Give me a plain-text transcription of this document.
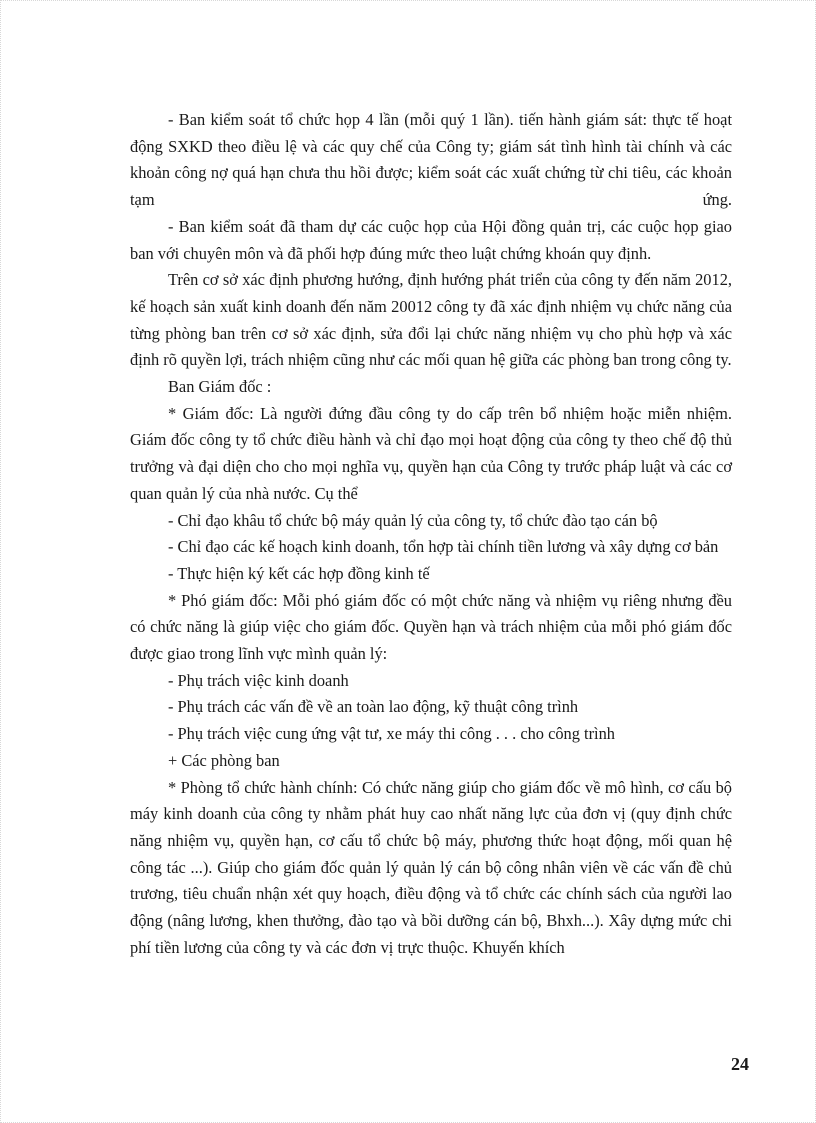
- Ban kiểm soát tổ chức họp 4 lần (mỗi quý 1 lần). tiến hành giám sát: thực tế hoạt động SXKD theo điều lệ và các quy chế của Công ty; giám sát tình hình tài chính và các khoản công nợ quá hạn chưa thu hồi được; kiểm soát các xuất chứng từ chi tiêu, các khoản tạm ứng.

- Ban kiểm soát đã tham dự các cuộc họp của Hội đồng quản trị, các cuộc họp giao ban với chuyên môn và đã phối hợp đúng mức theo luật chứng khoán quy định.

Trên cơ sở xác định phương hướng, định hướng phát triển của công ty đến năm 2012, kế hoạch sản xuất kinh doanh đến năm 20012 công ty đã xác định nhiệm vụ chức năng của từng phòng ban trên cơ sở xác định, sửa đổi lại chức năng nhiệm vụ cho phù hợp và xác định rõ quyền lợi, trách nhiệm cũng như các mối quan hệ giữa các phòng ban trong công ty.

Ban Giám đốc :

* Giám đốc: Là người đứng đầu công ty do cấp trên bổ nhiệm hoặc miễn nhiệm. Giám đốc công ty tổ chức điều hành và chỉ đạo mọi hoạt động của công ty theo chế độ thủ trưởng và đại diện cho cho mọi nghĩa vụ, quyền hạn của Công ty trước pháp luật và các cơ quan quản lý của nhà nước. Cụ thể

- Chỉ đạo khâu tổ chức bộ máy quản lý của công ty, tổ chức đào tạo cán bộ

- Chỉ đạo các kế hoạch kinh doanh, tổn hợp tài chính tiền lương và xây dựng cơ bản

- Thực hiện ký kết các hợp đồng kinh tế

* Phó giám đốc: Mỗi phó giám đốc có một chức năng và nhiệm vụ riêng nhưng đều có chức năng là giúp việc cho giám đốc. Quyền hạn và trách nhiệm của mỗi phó giám đốc được giao trong lĩnh vực mình quản lý:

- Phụ trách việc kinh doanh

- Phụ trách các vấn đề về an toàn lao động, kỹ thuật công trình

- Phụ trách việc cung ứng vật tư, xe máy thi công . . . cho công trình

+ Các phòng ban

* Phòng tổ chức hành chính: Có chức năng giúp cho giám đốc về mô hình, cơ cấu bộ máy kinh doanh của công ty nhằm phát huy cao nhất năng lực của đơn vị (quy định chức năng nhiệm vụ, quyền hạn, cơ cấu tổ chức bộ máy, phương thức hoạt động, mối quan hệ công tác ...). Giúp cho giám đốc quản lý quản lý cán bộ công nhân viên về các vấn đề chủ trương, tiêu chuẩn nhận xét quy hoạch, điều động và tổ chức các chính sách của người lao động (nâng lương, khen thưởng, đào tạo và bồi dưỡng cán bộ, Bhxh...). Xây dựng mức chi phí tiền lương của công ty và các đơn vị trực thuộc. Khuyến khích

24
